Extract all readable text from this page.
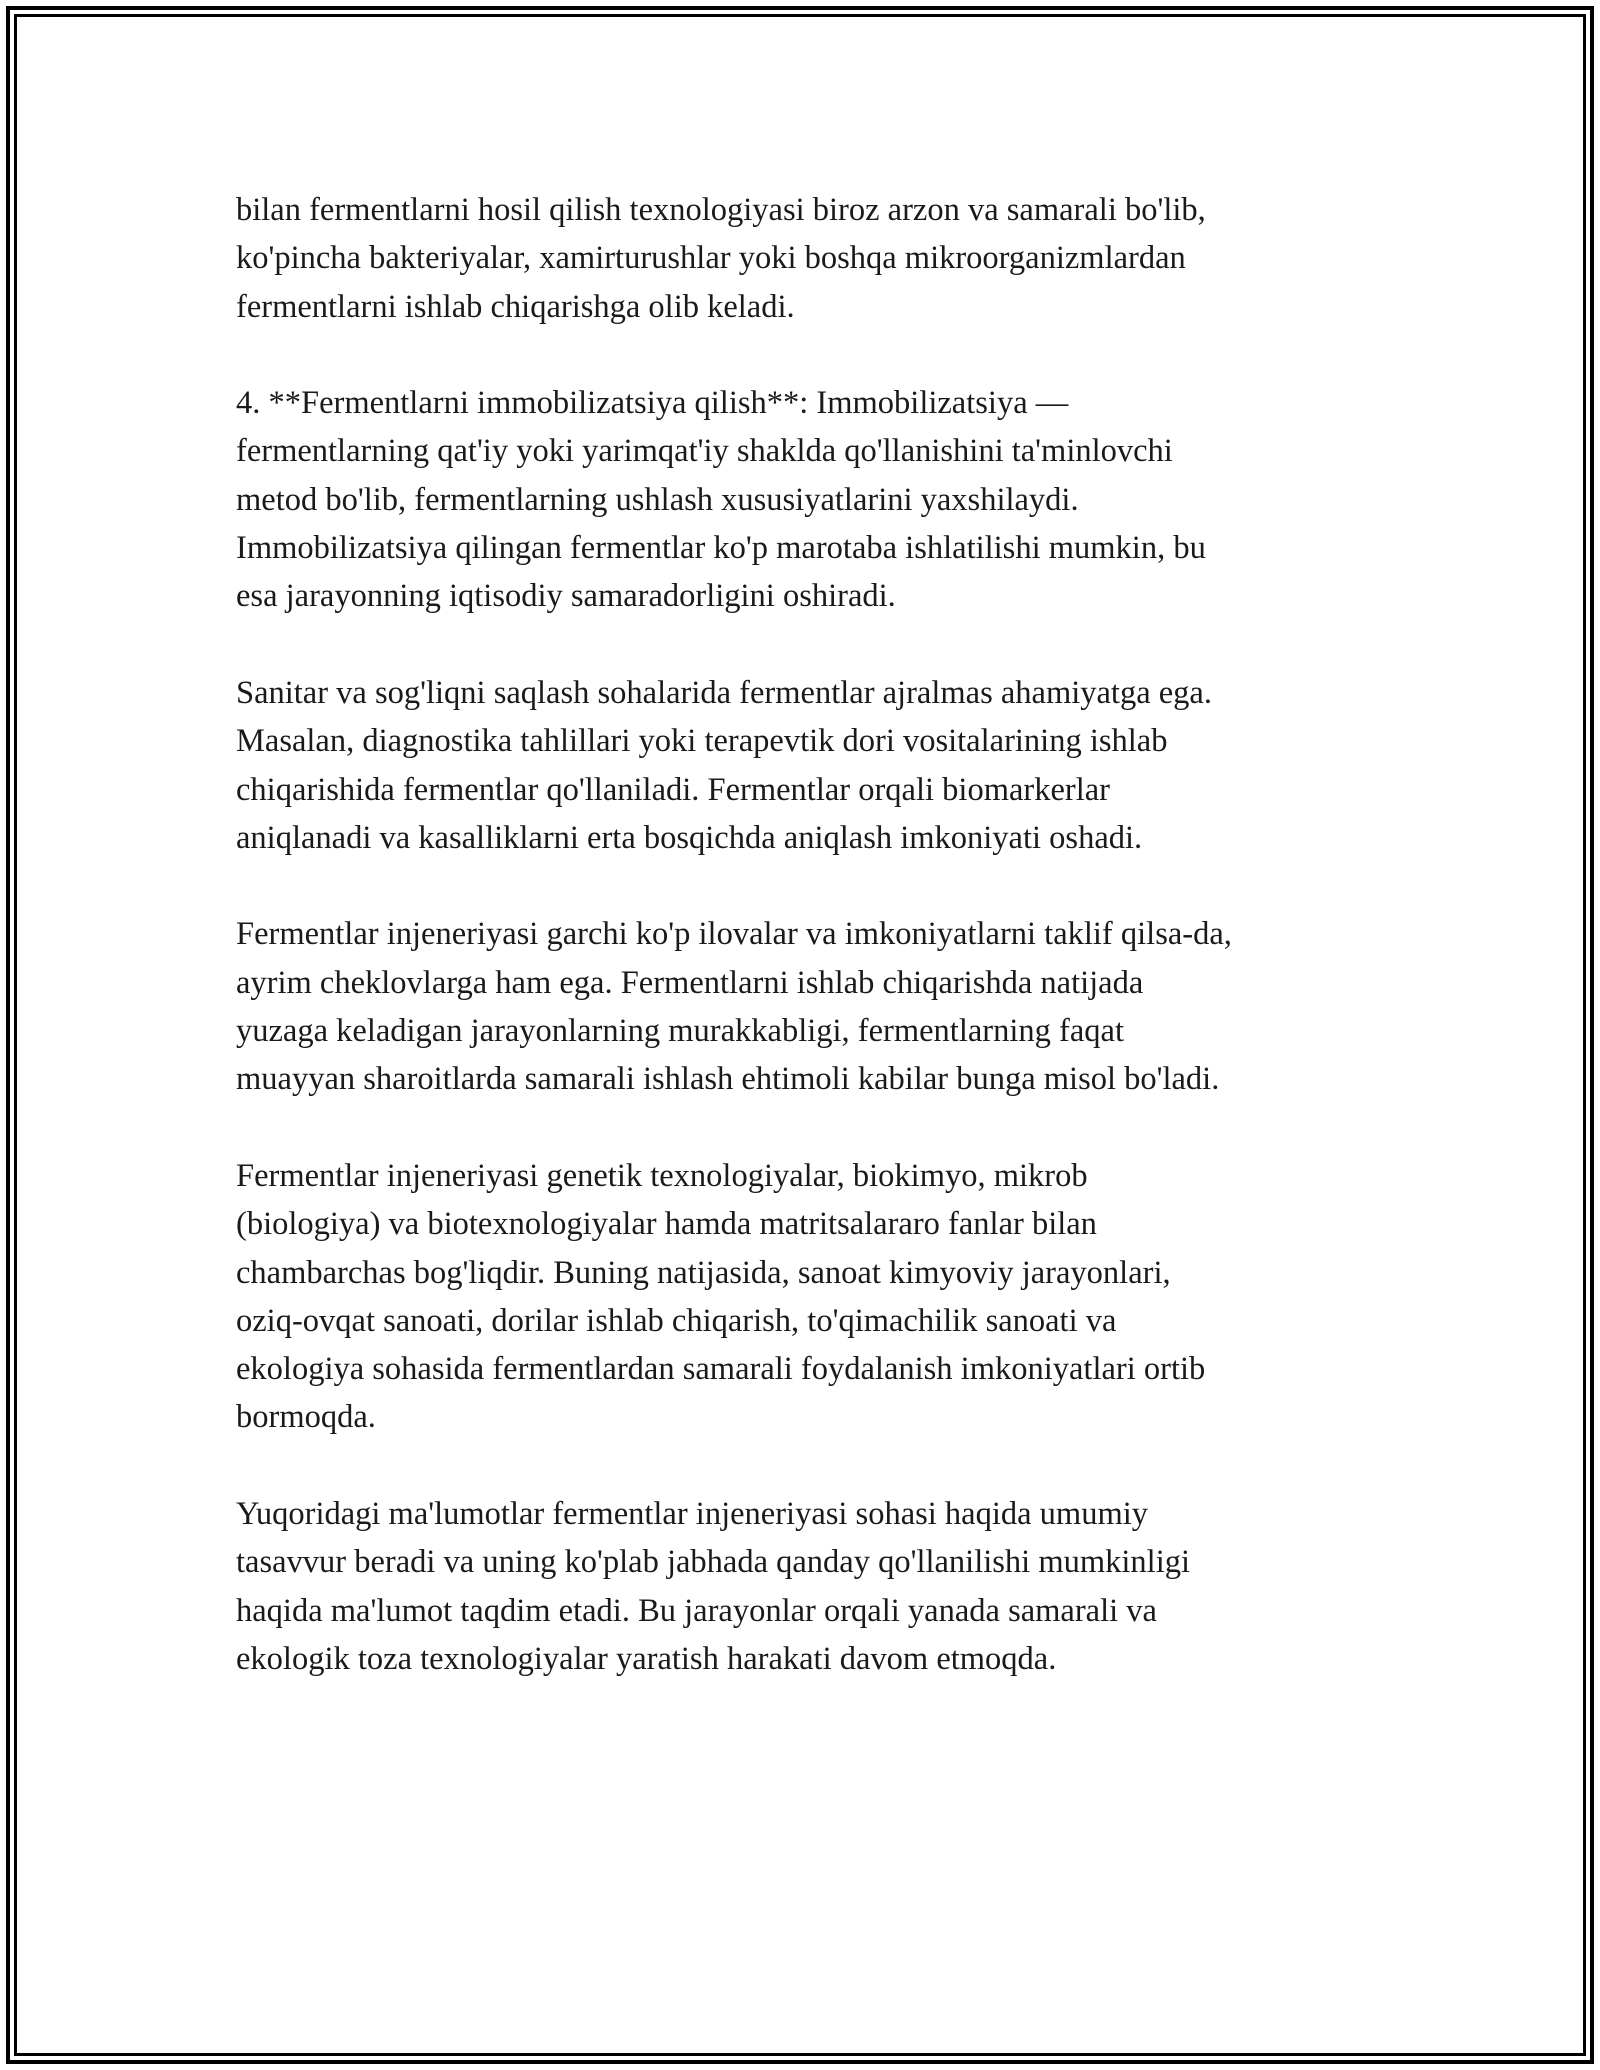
bilan fermentlarni hosil qilish texnologiyasi biroz arzon va samarali bo'lib,
ko'pincha bakteriyalar, xamirturushlar yoki boshqa mikroorganizmlardan
fermentlarni ishlab chiqarishga olib keladi.

4. **Fermentlarni immobilizatsiya qilish**: Immobilizatsiya —
fermentlarning qat'iy yoki yarimqat'iy shaklda qo'llanishini ta'minlovchi
metod bo'lib, fermentlarning ushlash xususiyatlarini yaxshilaydi.
Immobilizatsiya qilingan fermentlar ko'p marotaba ishlatilishi mumkin, bu
esa jarayonning iqtisodiy samaradorligini oshiradi.

Sanitar va sog'liqni saqlash sohalarida fermentlar ajralmas ahamiyatga ega.
Masalan, diagnostika tahlillari yoki terapevtik dori vositalarining ishlab
chiqarishida fermentlar qo'llaniladi. Fermentlar orqali biomarkerlar
aniqlanadi va kasalliklarni erta bosqichda aniqlash imkoniyati oshadi.

Fermentlar injeneriyasi garchi ko'p ilovalar va imkoniyatlarni taklif qilsa-da,
ayrim cheklovlarga ham ega. Fermentlarni ishlab chiqarishda natijada
yuzaga keladigan jarayonlarning murakkabligi, fermentlarning faqat
muayyan sharoitlarda samarali ishlash ehtimoli kabilar bunga misol bo'ladi.

Fermentlar injeneriyasi genetik texnologiyalar, biokimyo, mikrob
(biologiya) va biotexnologiyalar hamda matritsalararo fanlar bilan
chambarchas bog'liqdir. Buning natijasida, sanoat kimyoviy jarayonlari,
oziq-ovqat sanoati, dorilar ishlab chiqarish, to'qimachilik sanoati va
ekologiya sohasida fermentlardan samarali foydalanish imkoniyatlari ortib
bormoqda.

Yuqoridagi ma'lumotlar fermentlar injeneriyasi sohasi haqida umumiy
tasavvur beradi va uning ko'plab jabhada qanday qo'llanilishi mumkinligi
haqida ma'lumot taqdim etadi. Bu jarayonlar orqali yanada samarali va
ekologik toza texnologiyalar yaratish harakati davom etmoqda.
